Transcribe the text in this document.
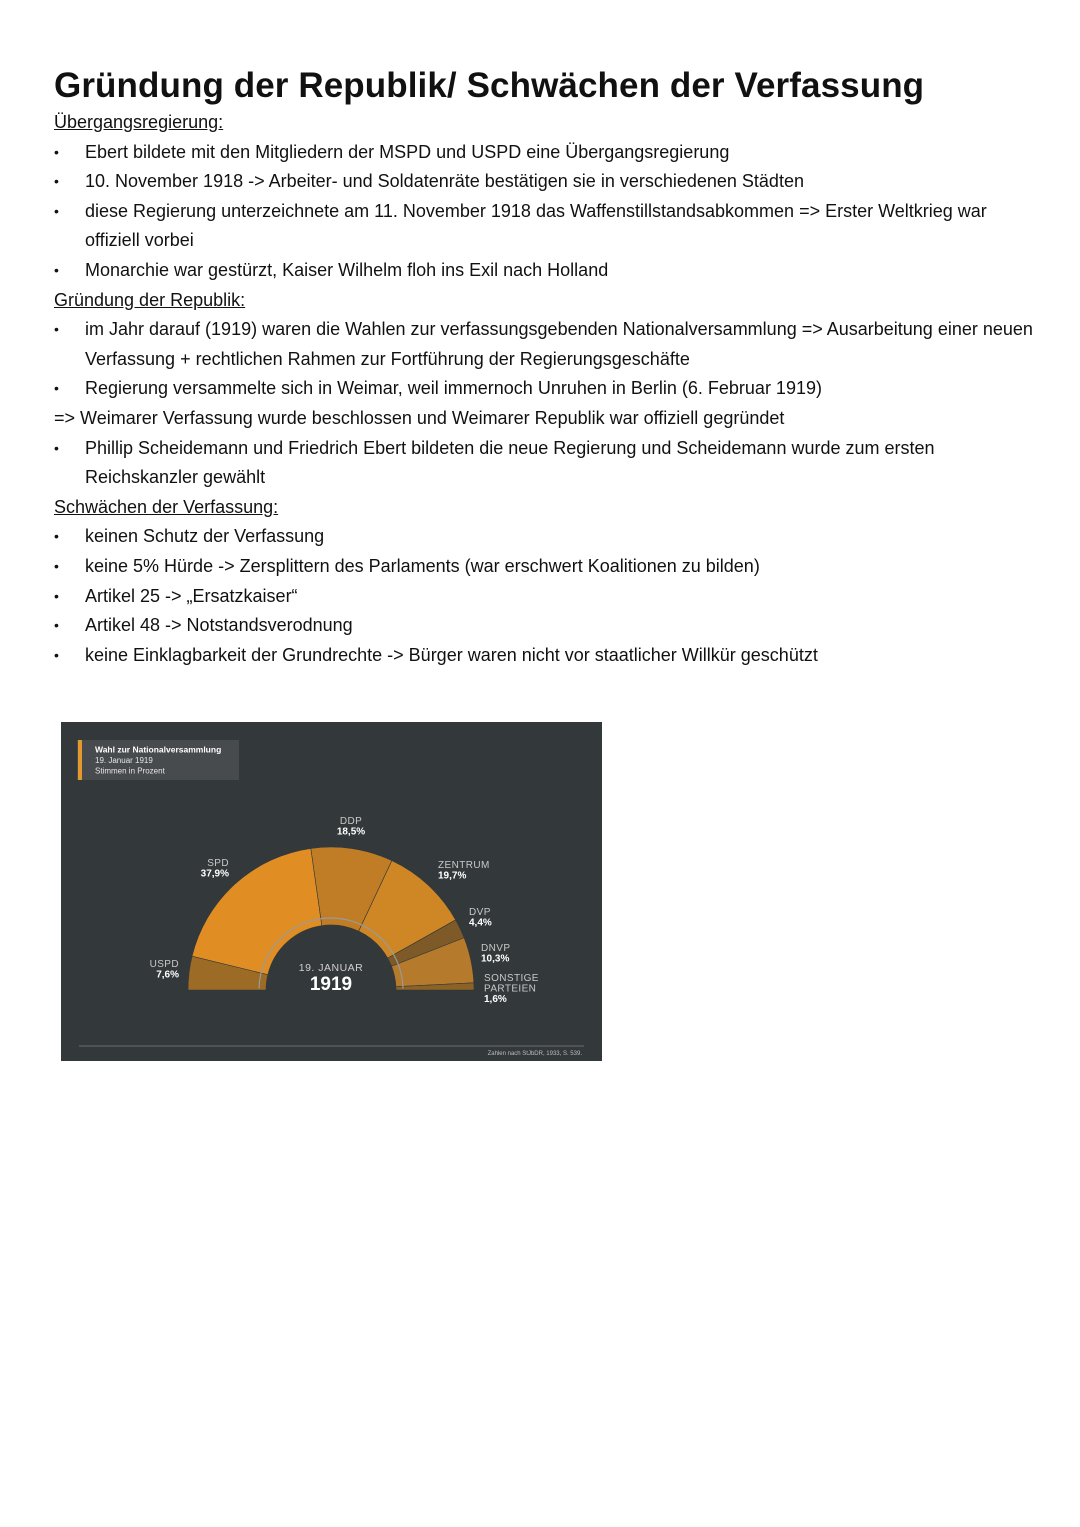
Gründung der Republik/ Schwächen der Verfassung

Übergangsregierung:

•	Ebert bildete mit den Mitgliedern der MSPD und USPD eine Übergangsregierung
•	10. November 1918 -> Arbeiter- und Soldatenräte bestätigen sie in verschiedenen Städten
•	diese Regierung unterzeichnete am 11. November 1918 das Waffenstillstandsabkommen => Erster Weltkrieg war offiziell vorbei
•	Monarchie war gestürzt, Kaiser Wilhelm floh ins Exil nach Holland

Gründung der Republik:

•	im Jahr darauf (1919) waren die Wahlen zur verfassungsgebenden Nationalversammlung => Ausarbeitung einer neuen Verfassung + rechtlichen Rahmen zur Fortführung der Regierungsgeschäfte
•	Regierung versammelte sich in Weimar, weil immernoch Unruhen in Berlin (6. Februar 1919)

=> Weimarer Verfassung wurde beschlossen und Weimarer Republik war offiziell gegründet

•	Phillip Scheidemann und Friedrich Ebert bildeten die neue Regierung und Scheidemann wurde zum ersten Reichskanzler gewählt

Schwächen der Verfassung:

•	keinen Schutz der Verfassung
•	keine 5% Hürde -> Zersplittern des Parlaments (war erschwert Koalitionen zu bilden)
•	Artikel 25 -> „Ersatzkaiser“
•	Artikel 48 -> Notstandsverodnung
•	keine Einklagbarkeit der Grundrechte -> Bürger waren nicht vor staatlicher Willkür geschützt
Wahl zur Nationalversammlung
19. Januar 1919
Stimmen in Prozent
USPD
7,6%
SPD
37,9%
DDP
18,5%
ZENTRUM
19,7%
DVP
4,4%
DNVP
10,3%
SONSTIGE PARTEIEN
1,6%
19. JANUAR
1919
Zahlen nach StJbDR, 1933, S. 539.
